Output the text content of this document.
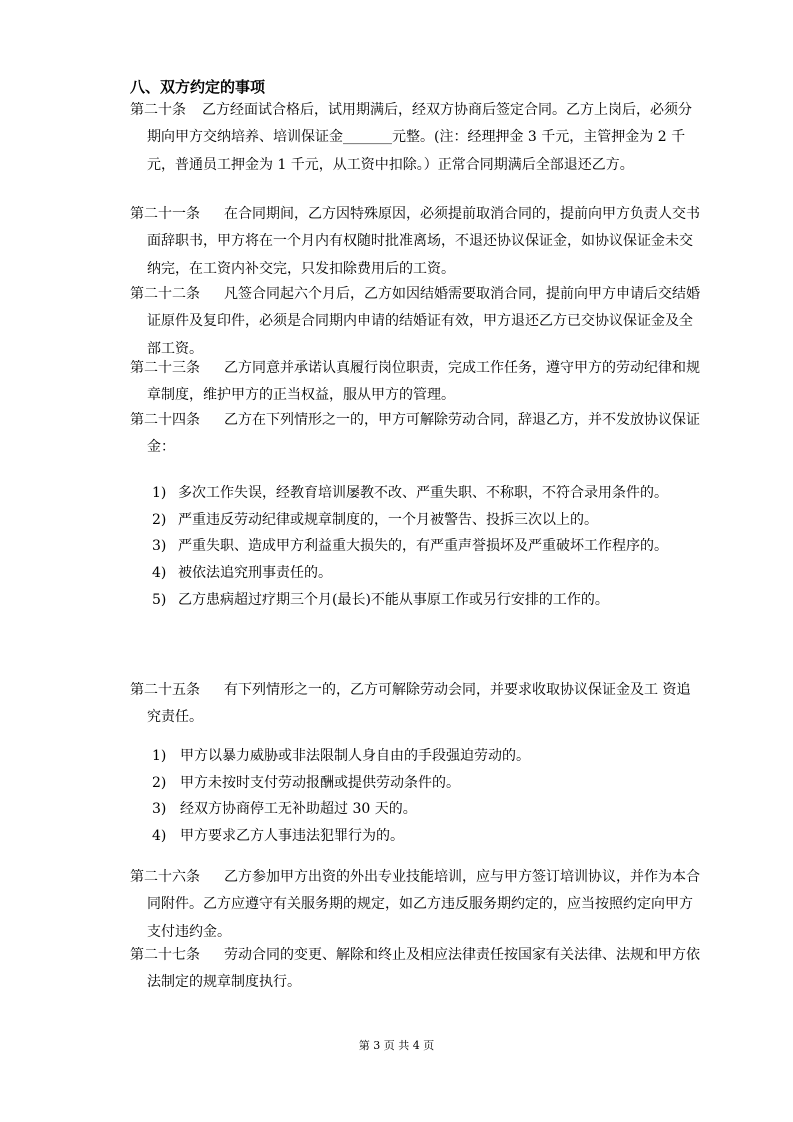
八、双方约定的事项
第二十条 乙方经面试合格后，试用期满后，经双方协商后签定合同。乙方上岗后，必须分期向甲方交纳培养、培训保证金_______元整。(注：经理押金 3 千元，主管押金为 2 千元，普通员工押金为 1 千元，从工资中扣除。）正常合同期满后全部退还乙方。
第二十一条 在合同期间，乙方因特殊原因，必须提前取消合同的，提前向甲方负责人交书面辞职书，甲方将在一个月内有权随时批准离场，不退还协议保证金，如协议保证金未交纳完，在工资内补交完，只发扣除费用后的工资。
第二十二条 凡签合同起六个月后，乙方如因结婚需要取消合同，提前向甲方申请后交结婚证原件及复印件，必须是合同期内申请的结婚证有效，甲方退还乙方已交协议保证金及全部工资。
第二十三条 乙方同意并承诺认真履行岗位职责，完成工作任务，遵守甲方的劳动纪律和规章制度，维护甲方的正当权益，服从甲方的管理。
第二十四条 乙方在下列情形之一的，甲方可解除劳动合同，辞退乙方，并不发放协议保证金：
1) 多次工作失误，经教育培训屡教不改、严重失职、不称职，不符合录用条件的。
2) 严重违反劳动纪律或规章制度的，一个月被警告、投拆三次以上的。
3) 严重失职、造成甲方利益重大损失的，有严重声誉损坏及严重破坏工作程序的。
4) 被依法追究刑事责任的。
5) 乙方患病超过疗期三个月(最长)不能从事原工作或另行安排的工作的。
第二十五条 有下列情形之一的，乙方可解除劳动会同，并要求收取协议保证金及工 资追究责任。
1) 甲方以暴力威胁或非法限制人身自由的手段强迫劳动的。
2) 甲方未按时支付劳动报酬或提供劳动条件的。
3) 经双方协商停工无补助超过 30 天的。
4) 甲方要求乙方人事违法犯罪行为的。
第二十六条 乙方参加甲方出资的外出专业技能培训，应与甲方签订培训协议，并作为本合同附件。乙方应遵守有关服务期的规定，如乙方违反服务期约定的，应当按照约定向甲方支付违约金。
第二十七条 劳动合同的变更、解除和终止及相应法律责任按国家有关法律、法规和甲方依法制定的规章制度执行。
第 3 页 共 4 页
